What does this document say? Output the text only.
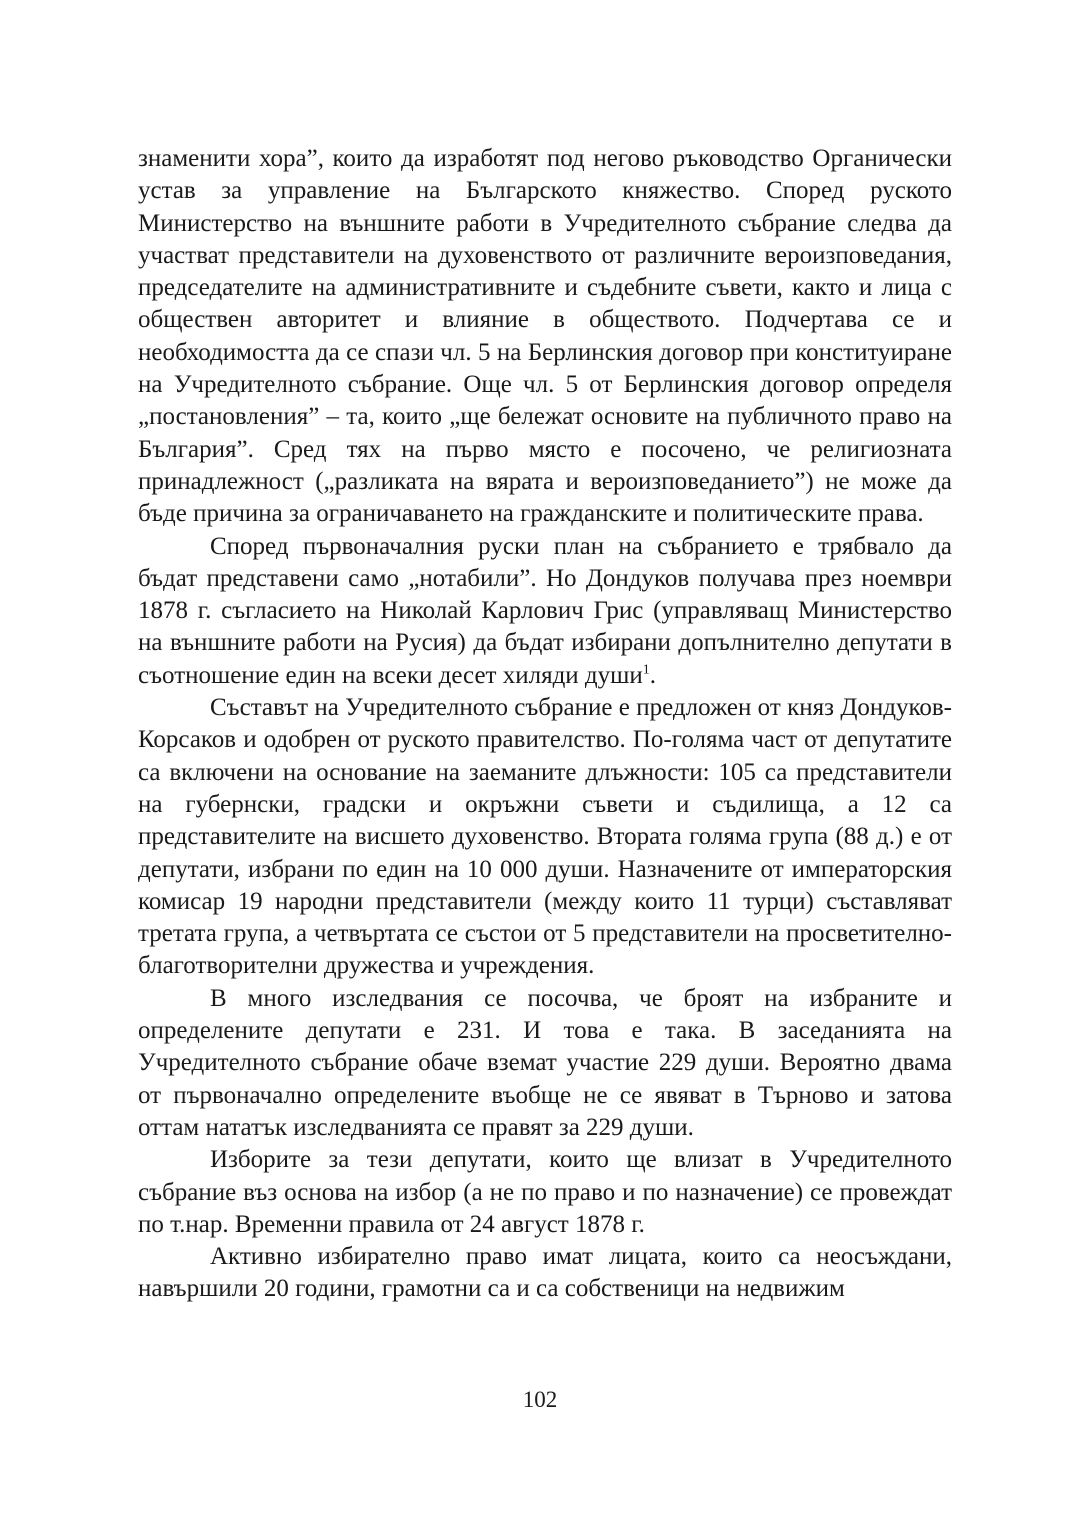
знаменити хора”, които да изработят под негово ръководство Органически устав за управление на Българското княжество. Според руското Министерство на външните работи в Учредителното събрание следва да участват представители на духовенството от различните вероизповедания, председателите на административните и съдебните съвети, както и лица с обществен авторитет и влияние в обществото. Подчертава се и необходимостта да се спази чл. 5 на Берлинския договор при конституиране на Учредителното събрание. Още чл. 5 от Берлинския договор определя „постановления” – та, които „ще бележат основите на публичното право на България”. Сред тях на първо място е посочено, че религиозната принадлежност („разликата на вярата и вероизповеданието”) не може да бъде причина за ограничаването на гражданските и политическите права.

Според първоначалния руски план на събранието е трябвало да бъдат представени само „нотабили”. Но Дондуков получава през ноември 1878 г. съгласието на Николай Карлович Грис (управляващ Министерство на външните работи на Русия) да бъдат избирани допълнително депутати в съотношение един на всеки десет хиляди души$^1$.

Съставът на Учредителното събрание е предложен от княз Дондуков-Корсаков и одобрен от руското правителство. По-голяма част от депутатите са включени на основание на заеманите длъжности: 105 са представители на губернски, градски и окръжни съвети и съдилища, а 12 са представителите на висшето духовенство. Втората голяма група (88 д.) е от депутати, избрани по един на 10 000 души. Назначените от императорския комисар 19 народни представители (между които 11 турци) съставляват третата група, а четвъртата се състои от 5 представители на просветително-благотворителни дружества и учреждения.

В много изследвания се посочва, че броят на избраните и определените депутати е 231. И това е така. В заседанията на Учредителното събрание обаче вземат участие 229 души. Вероятно двама от първоначално определените въобще не се явяват в Търново и затова оттам нататък изследванията се правят за 229 души.

Изборите за тези депутати, които ще влизат в Учредителното събрание въз основа на избор (а не по право и по назначение) се провеждат по т.нар. Временни правила от 24 август 1878 г.

Активно избирателно право имат лицата, които са неосъждани, навършили 20 години, грамотни са и са собственици на недвижим

102
